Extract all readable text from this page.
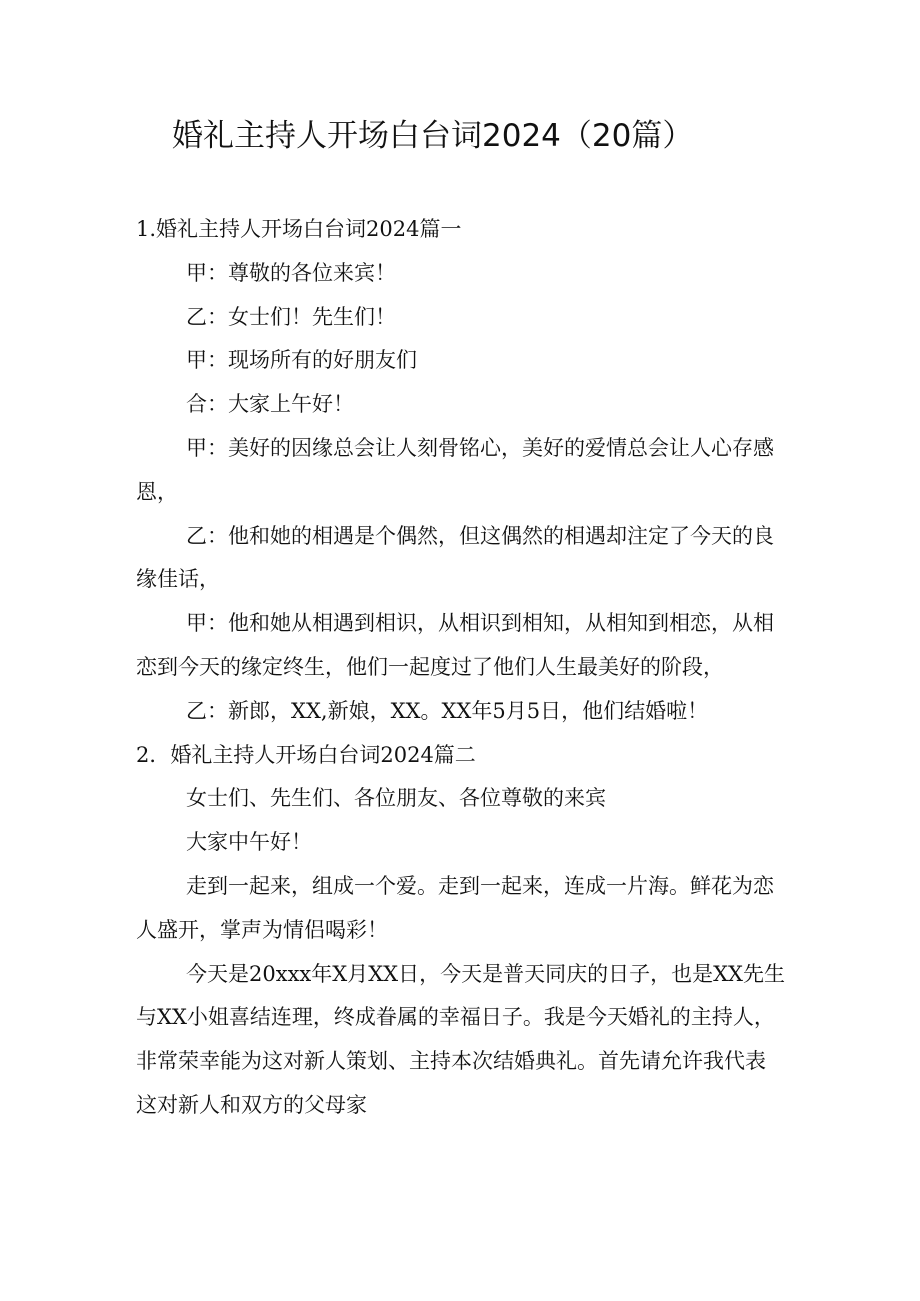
婚礼主持人开场白台词2024（20篇）

1.婚礼主持人开场白台词2024篇一

甲：尊敬的各位来宾！

乙：女士们！先生们！

甲：现场所有的好朋友们

合：大家上午好！

甲：美好的因缘总会让人刻骨铭心，美好的爱情总会让人心存感恩，

乙：他和她的相遇是个偶然，但这偶然的相遇却注定了今天的良缘佳话，

甲：他和她从相遇到相识，从相识到相知，从相知到相恋，从相恋到今天的缘定终生，他们一起度过了他们人生最美好的阶段，

乙：新郎，XX,新娘，XX。XX年5月5日，他们结婚啦！

2．婚礼主持人开场白台词2024篇二

女士们、先生们、各位朋友、各位尊敬的来宾

大家中午好！

走到一起来，组成一个爱。走到一起来，连成一片海。鲜花为恋人盛开，掌声为情侣喝彩！

今天是20xxx年X月XX日，今天是普天同庆的日子，也是XX先生与XX小姐喜结连理，终成眷属的幸福日子。我是今天婚礼的主持人，非常荣幸能为这对新人策划、主持本次结婚典礼。首先请允许我代表这对新人和双方的父母家
